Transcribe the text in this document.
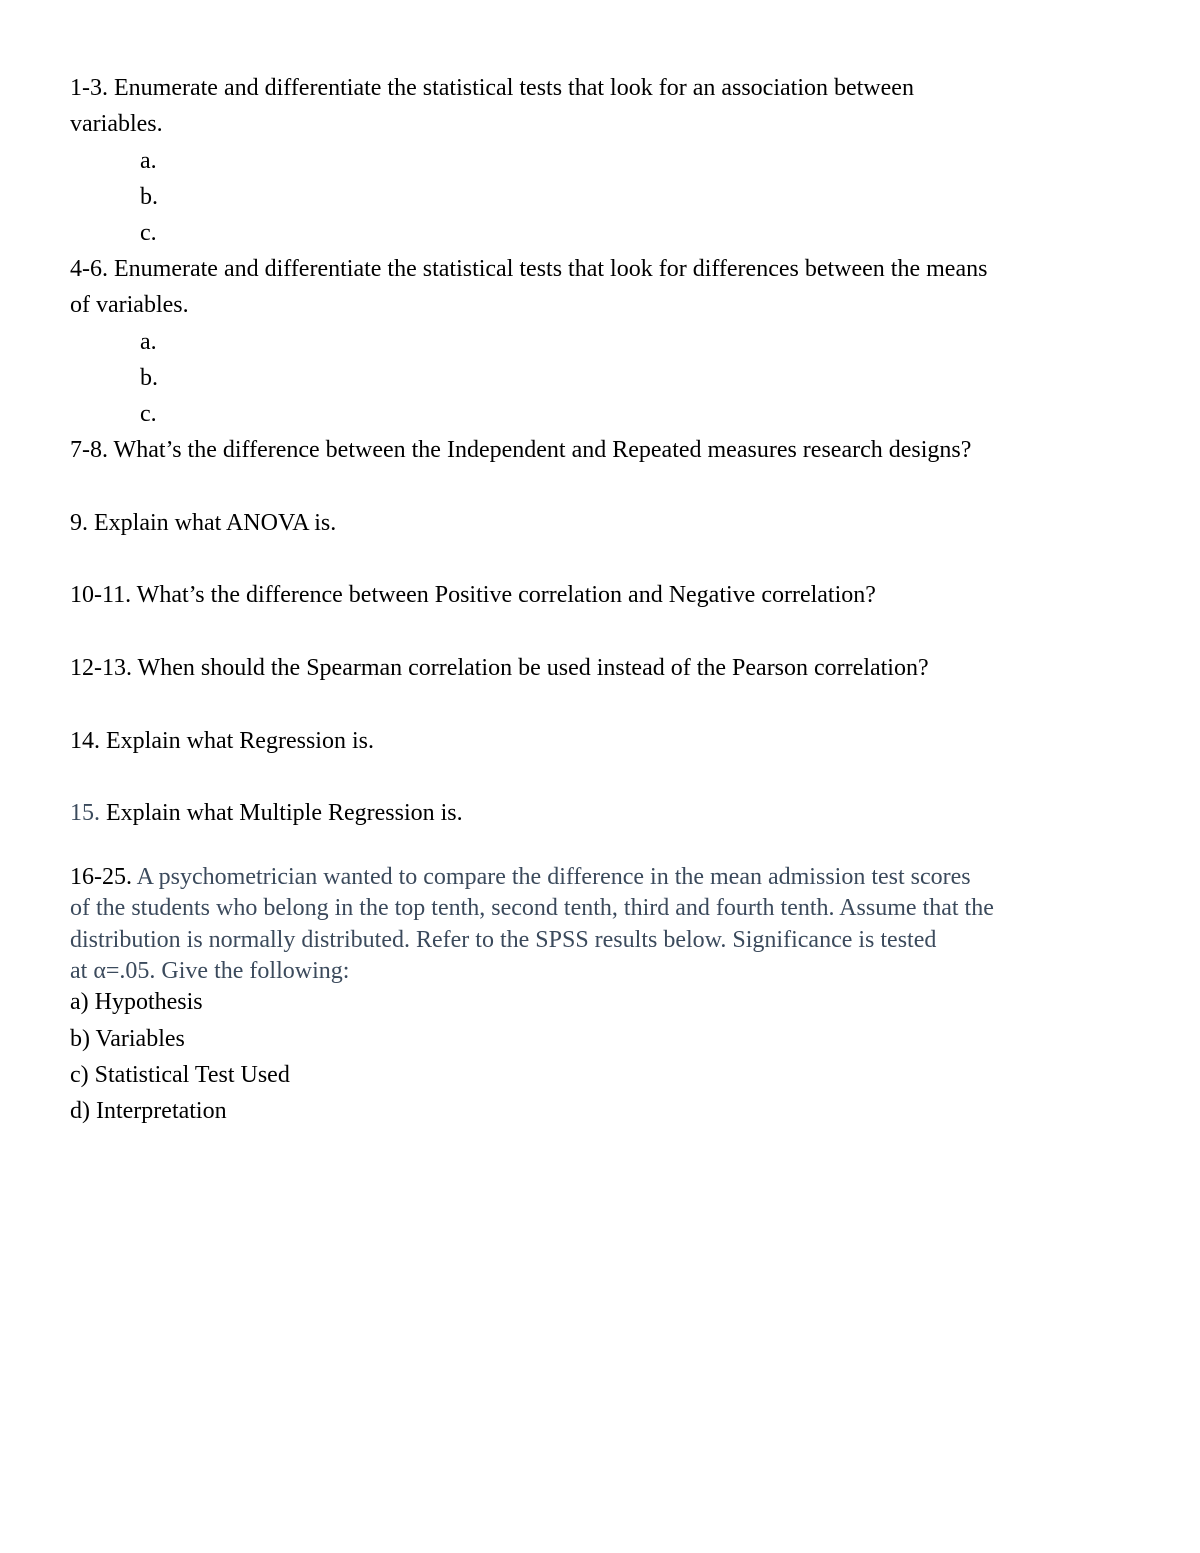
1-3. Enumerate and differentiate the statistical tests that look for an association between
variables.
a.
b.
c.
4-6. Enumerate and differentiate the statistical tests that look for differences between the means
of variables.
a.
b.
c.
7-8. What’s the difference between the Independent and Repeated measures research designs?
9. Explain what ANOVA is.
10-11. What’s the difference between Positive correlation and Negative correlation?
12-13. When should the Spearman correlation be used instead of the Pearson correlation?
14. Explain what Regression is.
15. Explain what Multiple Regression is.
16-25. A psychometrician wanted to compare the difference in the mean admission test scores
of the students who belong in the top tenth, second tenth, third and fourth tenth. Assume that the
distribution is normally distributed. Refer to the SPSS results below. Significance is tested
at α=.05. Give the following:
a) Hypothesis
b) Variables
c) Statistical Test Used
d) Interpretation
